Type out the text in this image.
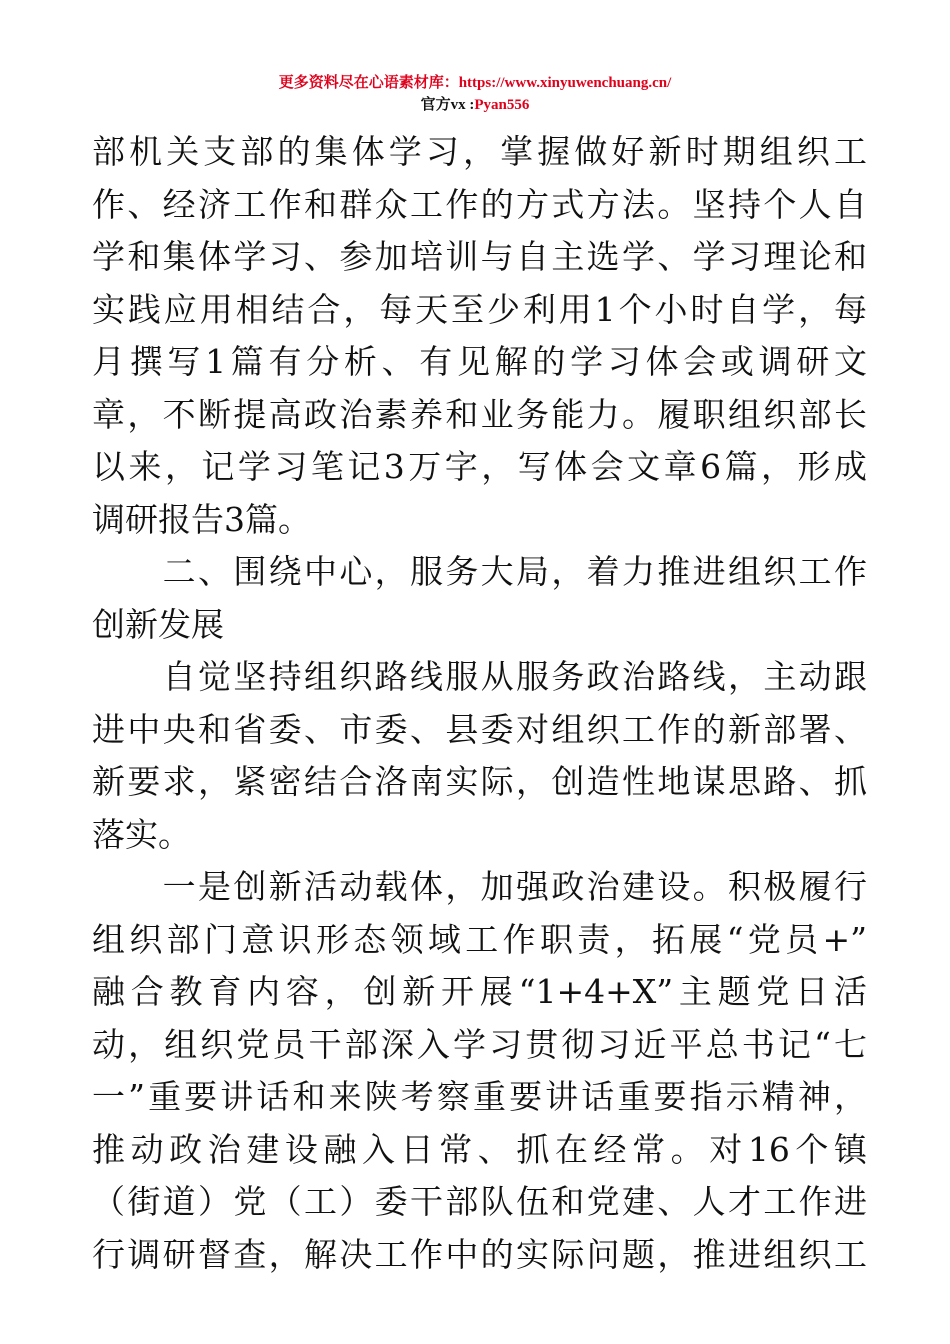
更多资料尽在心语素材库：https://www.xinyuwenchuang.cn/
官方vx :Pyan556
部机关支部的集体学习，掌握做好新时期组织工
作、经济工作和群众工作的方式方法。坚持个人自
学和集体学习、参加培训与自主选学、学习理论和
实践应用相结合，每天至少利用1个小时自学，每
月撰写1篇有分析、有见解的学习体会或调研文
章，不断提高政治素养和业务能力。履职组织部长
以来，记学习笔记3万字，写体会文章6篇，形成
调研报告3篇。
　　二、围绕中心，服务大局，着力推进组织工作
创新发展
　　自觉坚持组织路线服从服务政治路线，主动跟
进中央和省委、市委、县委对组织工作的新部署、
新要求，紧密结合洛南实际，创造性地谋思路、抓
落实。
　　一是创新活动载体，加强政治建设。积极履行
组织部门意识形态领域工作职责，拓展“党员+”
融合教育内容，创新开展“1+4+X”主题党日活
动，组织党员干部深入学习贯彻习近平总书记“七
一”重要讲话和来陕考察重要讲话重要指示精神，
推动政治建设融入日常、抓在经常。对16个镇
（街道）党（工）委干部队伍和党建、人才工作进
行调研督查，解决工作中的实际问题，推进组织工
